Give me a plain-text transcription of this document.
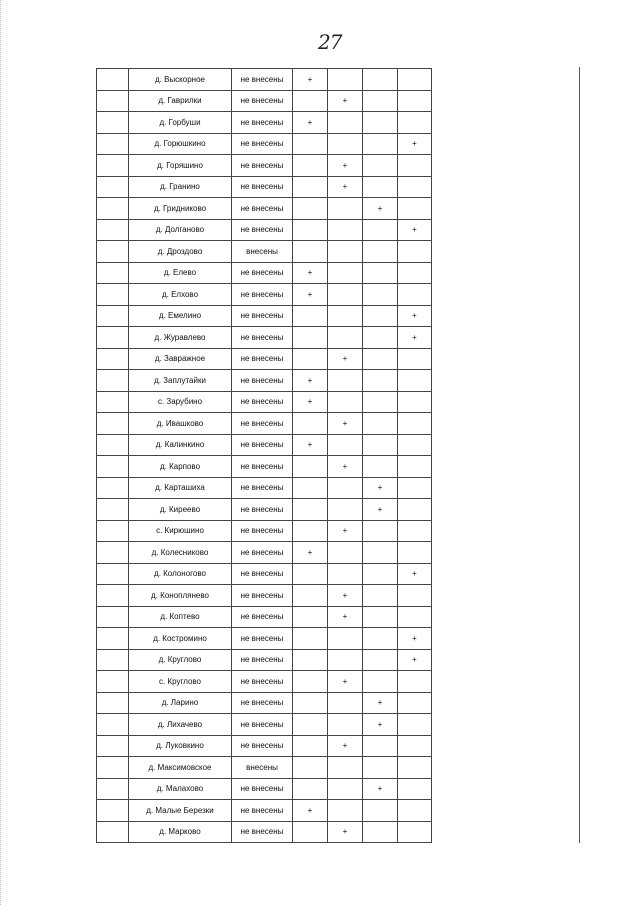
27
	д. Выскорное	не внесены	+			
	д. Гаврилки	не внесены		+		
	д. Горбуши	не внесены	+			
	д. Горюшкино	не внесены				+
	д. Горяшино	не внесены		+		
	д. Гранино	не внесены		+		
	д. Гридниково	не внесены			+	
	д. Долганово	не внесены				+
	д. Дроздово	внесены				
	д. Елево	не внесены	+			
	д. Елхово	не внесены	+			
	д. Емелино	не внесены				+
	д. Журавлево	не внесены				+
	д. Завражное	не внесены		+		
	д. Заплутайки	не внесены	+			
	с. Зарубино	не внесены	+			
	д. Ивашково	не внесены		+		
	д. Калинкино	не внесены	+			
	д. Карпово	не внесены		+		
	д. Карташиха	не внесены			+	
	д. Киреево	не внесены			+	
	с. Кирюшино	не внесены		+		
	д. Колесниково	не внесены	+			
	д. Колоногово	не внесены				+
	д. Коноплянево	не внесены		+		
	д. Коптево	не внесены		+		
	д. Костромино	не внесены				+
	д. Круглово	не внесены				+
	с. Круглово	не внесены		+		
	д. Ларино	не внесены			+	
	д. Лихачево	не внесены			+	
	д. Луковкино	не внесены		+		
	д. Максимовское	внесены				
	д. Малахово	не внесены			+	
	д. Малые Березки	не внесены	+			
	д. Марково	не внесены		+		
